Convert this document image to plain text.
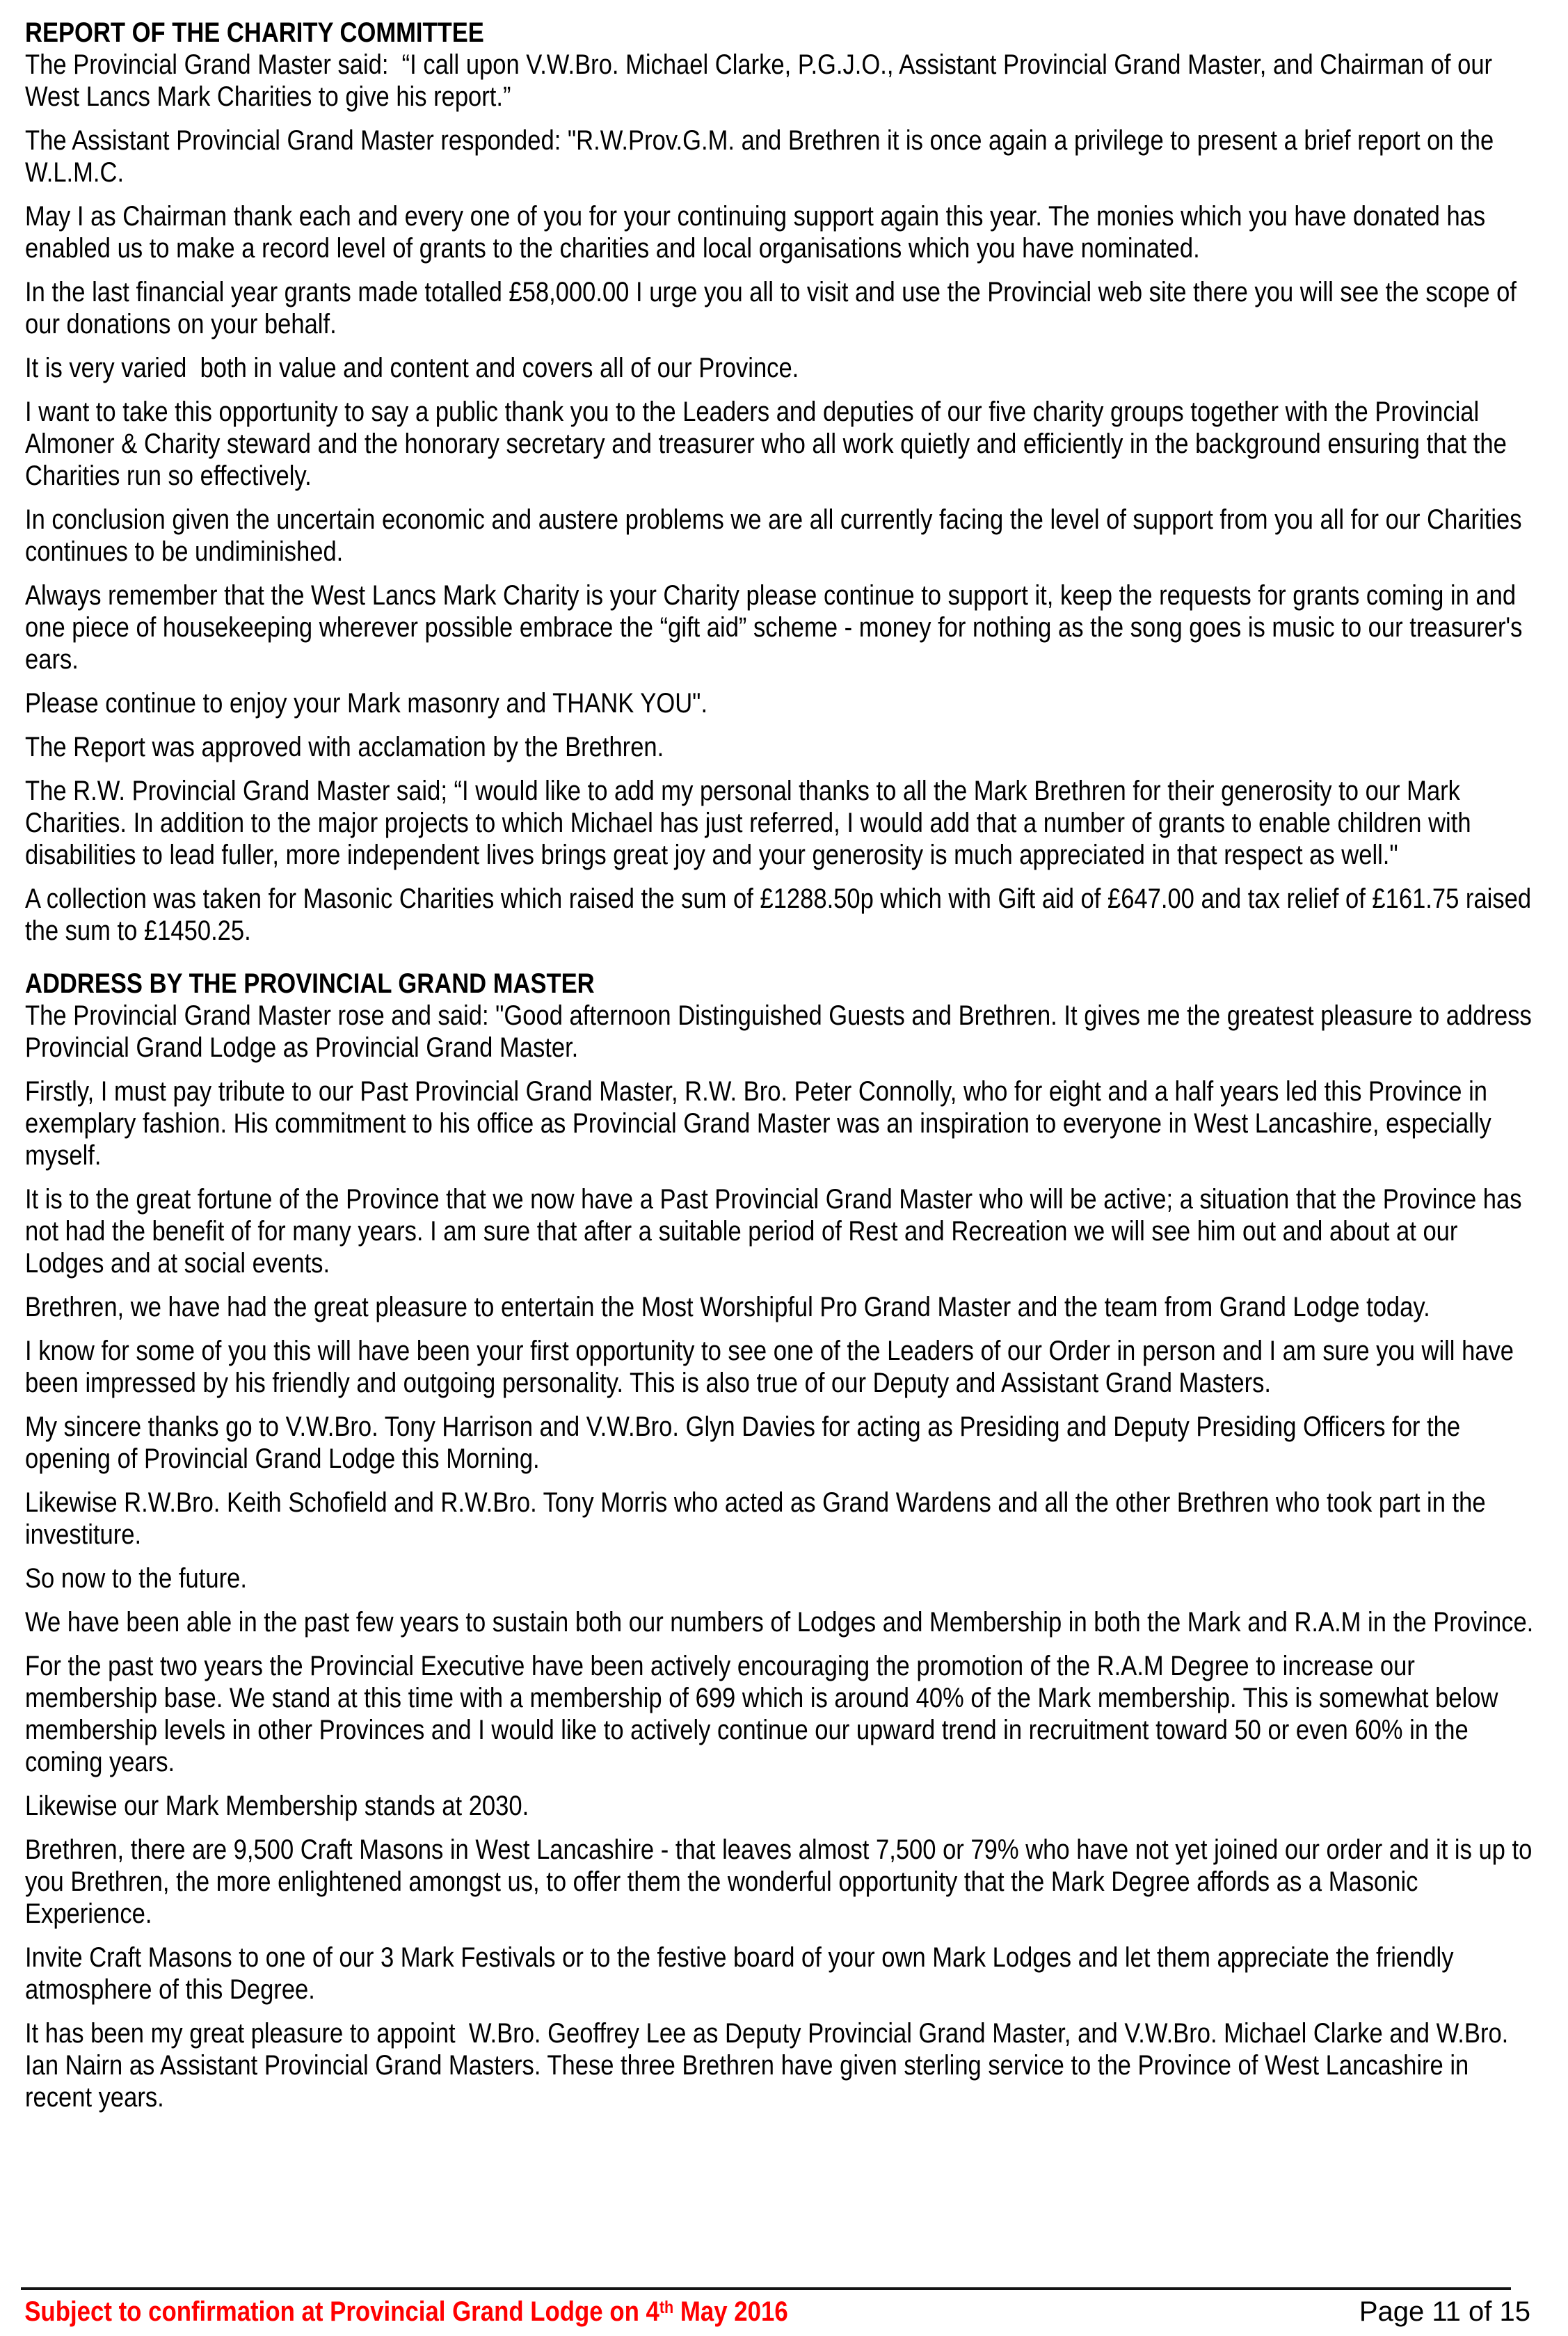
REPORT OF THE CHARITY COMMITTEE

The Provincial Grand Master said:  “I call upon V.W.Bro. Michael Clarke, P.G.J.O., Assistant Provincial Grand Master, and Chairman of our West Lancs Mark Charities to give his report.”

The Assistant Provincial Grand Master responded: "R.W.Prov.G.M. and Brethren it is once again a privilege to present a brief report on the W.L.M.C.

May I as Chairman thank each and every one of you for your continuing support again this year. The monies which you have donated has enabled us to make a record level of grants to the charities and local organisations which you have nominated.

In the last financial year grants made totalled £58,000.00 I urge you all to visit and use the Provincial web site there you will see the scope of our donations on your behalf.

It is very varied  both in value and content and covers all of our Province.

I want to take this opportunity to say a public thank you to the Leaders and deputies of our five charity groups together with the Provincial Almoner & Charity steward and the honorary secretary and treasurer who all work quietly and efficiently in the background ensuring that the Charities run so effectively.

In conclusion given the uncertain economic and austere problems we are all currently facing the level of support from you all for our Charities continues to be undiminished.

Always remember that the West Lancs Mark Charity is your Charity please continue to support it, keep the requests for grants coming in and one piece of housekeeping wherever possible embrace the “gift aid” scheme - money for nothing as the song goes is music to our treasurer's ears.

Please continue to enjoy your Mark masonry and THANK YOU".

The Report was approved with acclamation by the Brethren.

The R.W. Provincial Grand Master said; “I would like to add my personal thanks to all the Mark Brethren for their generosity to our Mark Charities. In addition to the major projects to which Michael has just referred, I would add that a number of grants to enable children with disabilities to lead fuller, more independent lives brings great joy and your generosity is much appreciated in that respect as well."

A collection was taken for Masonic Charities which raised the sum of £1288.50p which with Gift aid of £647.00 and tax relief of £161.75 raised the sum to £1450.25.

ADDRESS BY THE PROVINCIAL GRAND MASTER

The Provincial Grand Master rose and said: "Good afternoon Distinguished Guests and Brethren. It gives me the greatest pleasure to address Provincial Grand Lodge as Provincial Grand Master.

Firstly, I must pay tribute to our Past Provincial Grand Master, R.W. Bro. Peter Connolly, who for eight and a half years led this Province in exemplary fashion. His commitment to his office as Provincial Grand Master was an inspiration to everyone in West Lancashire, especially myself.

It is to the great fortune of the Province that we now have a Past Provincial Grand Master who will be active; a situation that the Province has not had the benefit of for many years. I am sure that after a suitable period of Rest and Recreation we will see him out and about at our Lodges and at social events.

Brethren, we have had the great pleasure to entertain the Most Worshipful Pro Grand Master and the team from Grand Lodge today.

I know for some of you this will have been your first opportunity to see one of the Leaders of our Order in person and I am sure you will have been impressed by his friendly and outgoing personality. This is also true of our Deputy and Assistant Grand Masters.

My sincere thanks go to V.W.Bro. Tony Harrison and V.W.Bro. Glyn Davies for acting as Presiding and Deputy Presiding Officers for the opening of Provincial Grand Lodge this Morning.

Likewise R.W.Bro. Keith Schofield and R.W.Bro. Tony Morris who acted as Grand Wardens and all the other Brethren who took part in the investiture.

So now to the future.

We have been able in the past few years to sustain both our numbers of Lodges and Membership in both the Mark and R.A.M in the Province.

For the past two years the Provincial Executive have been actively encouraging the promotion of the R.A.M Degree to increase our membership base. We stand at this time with a membership of 699 which is around 40% of the Mark membership. This is somewhat below membership levels in other Provinces and I would like to actively continue our upward trend in recruitment toward 50 or even 60% in the coming years.

Likewise our Mark Membership stands at 2030.

Brethren, there are 9,500 Craft Masons in West Lancashire - that leaves almost 7,500 or 79% who have not yet joined our order and it is up to you Brethren, the more enlightened amongst us, to offer them the wonderful opportunity that the Mark Degree affords as a Masonic Experience.

Invite Craft Masons to one of our 3 Mark Festivals or to the festive board of your own Mark Lodges and let them appreciate the friendly atmosphere of this Degree.

It has been my great pleasure to appoint  W.Bro. Geoffrey Lee as Deputy Provincial Grand Master, and V.W.Bro. Michael Clarke and W.Bro. Ian Nairn as Assistant Provincial Grand Masters. These three Brethren have given sterling service to the Province of West Lancashire in recent years.

Subject to confirmation at Provincial Grand Lodge on 4th May 2016	Page 11 of 15
